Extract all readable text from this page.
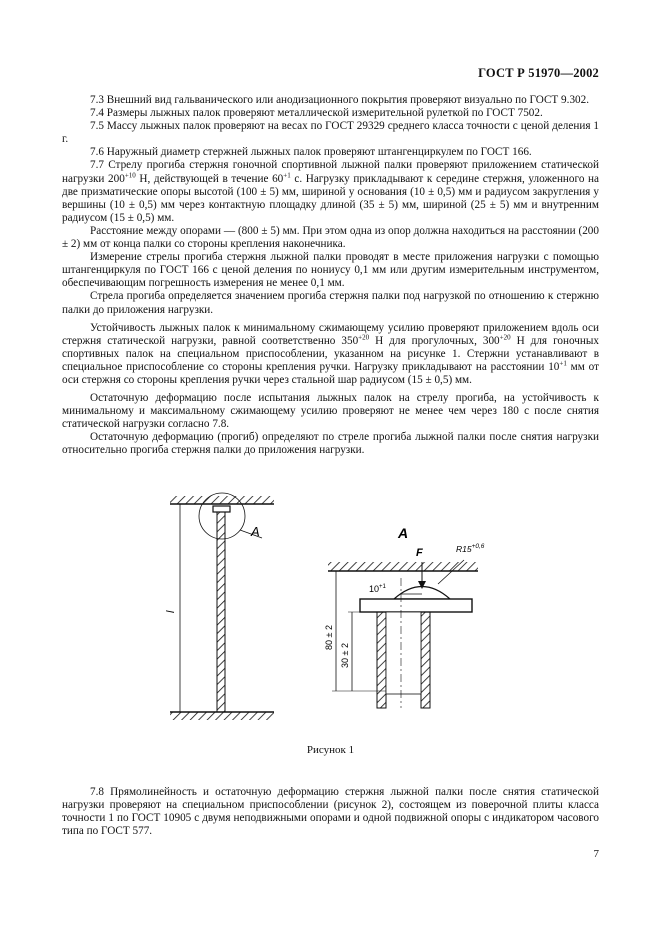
ГОСТ Р 51970—2002

7.3 Внешний вид гальванического или анодизационного покрытия проверяют визуально по ГОСТ 9.302.

7.4 Размеры лыжных палок проверяют металлической измерительной рулеткой по ГОСТ 7502.

7.5 Массу лыжных палок проверяют на весах по ГОСТ 29329 среднего класса точности с ценой деления 1 г.

7.6 Наружный диаметр стержней лыжных палок проверяют штангенциркулем по ГОСТ 166.

7.7 Стрелу прогиба стержня гоночной спортивной лыжной палки проверяют приложением статической нагрузки $200^{+10}$ Н, действующей в течение $60^{+1}$ с. Нагрузку прикладывают к середине стержня, уложенного на две призматические опоры высотой (100 ± 5) мм, шириной у основания (10 ± 0,5) мм и радиусом закругления у вершины (10 ± 0,5) мм через контактную площадку длиной (35 ± 5) мм, шириной (25 ± 5) мм и внутренним радиусом (15 ± 0,5) мм.

Расстояние между опорами — (800 ± 5) мм. При этом одна из опор должна находиться на расстоянии (200 ± 2) мм от конца палки со стороны крепления наконечника.

Измерение стрелы прогиба стержня лыжной палки проводят в месте приложения нагрузки с помощью штангенциркуля по ГОСТ 166 с ценой деления по нониусу 0,1 мм или другим измерительным инструментом, обеспечивающим погрешность измерения не менее 0,1 мм.

Стрела прогиба определяется значением прогиба стержня палки под нагрузкой по отношению к стержню палки до приложения нагрузки.

Устойчивость лыжных палок к минимальному сжимающему усилию проверяют приложением вдоль оси стержня статической нагрузки, равной соответственно $350^{+20}$ Н для прогулочных, $300^{+20}$ Н для гоночных спортивных палок на специальном приспособлении, указанном на рисунке 1. Стержни устанавливают в специальное приспособление со стороны крепления ручки. Нагрузку прикладывают на расстоянии $10^{+1}$ мм от оси стержня со стороны крепления ручки через стальной шар радиусом (15 ± 0,5) мм.

Остаточную деформацию после испытания лыжных палок на стрелу прогиба, на устойчивость к минимальному и максимальному сжимающему усилию проверяют не менее чем через 180 с после снятия статической нагрузки согласно 7.8.

Остаточную деформацию (прогиб) определяют по стреле прогиба лыжной палки после снятия нагрузки относительно прогиба стержня палки до приложения нагрузки.

А
l
А
F	$R15^{+0,6}$
$10^{+1}$
80 ± 2
30 ± 2
Рисунок 1

7.8 Прямолинейность и остаточную деформацию стержня лыжной палки после снятия статической нагрузки проверяют на специальном приспособлении (рисунок 2), состоящем из поверочной плиты класса точности 1 по ГОСТ 10905 с двумя неподвижными опорами и одной подвижной опоры с индикатором часового типа по ГОСТ 577.

7
